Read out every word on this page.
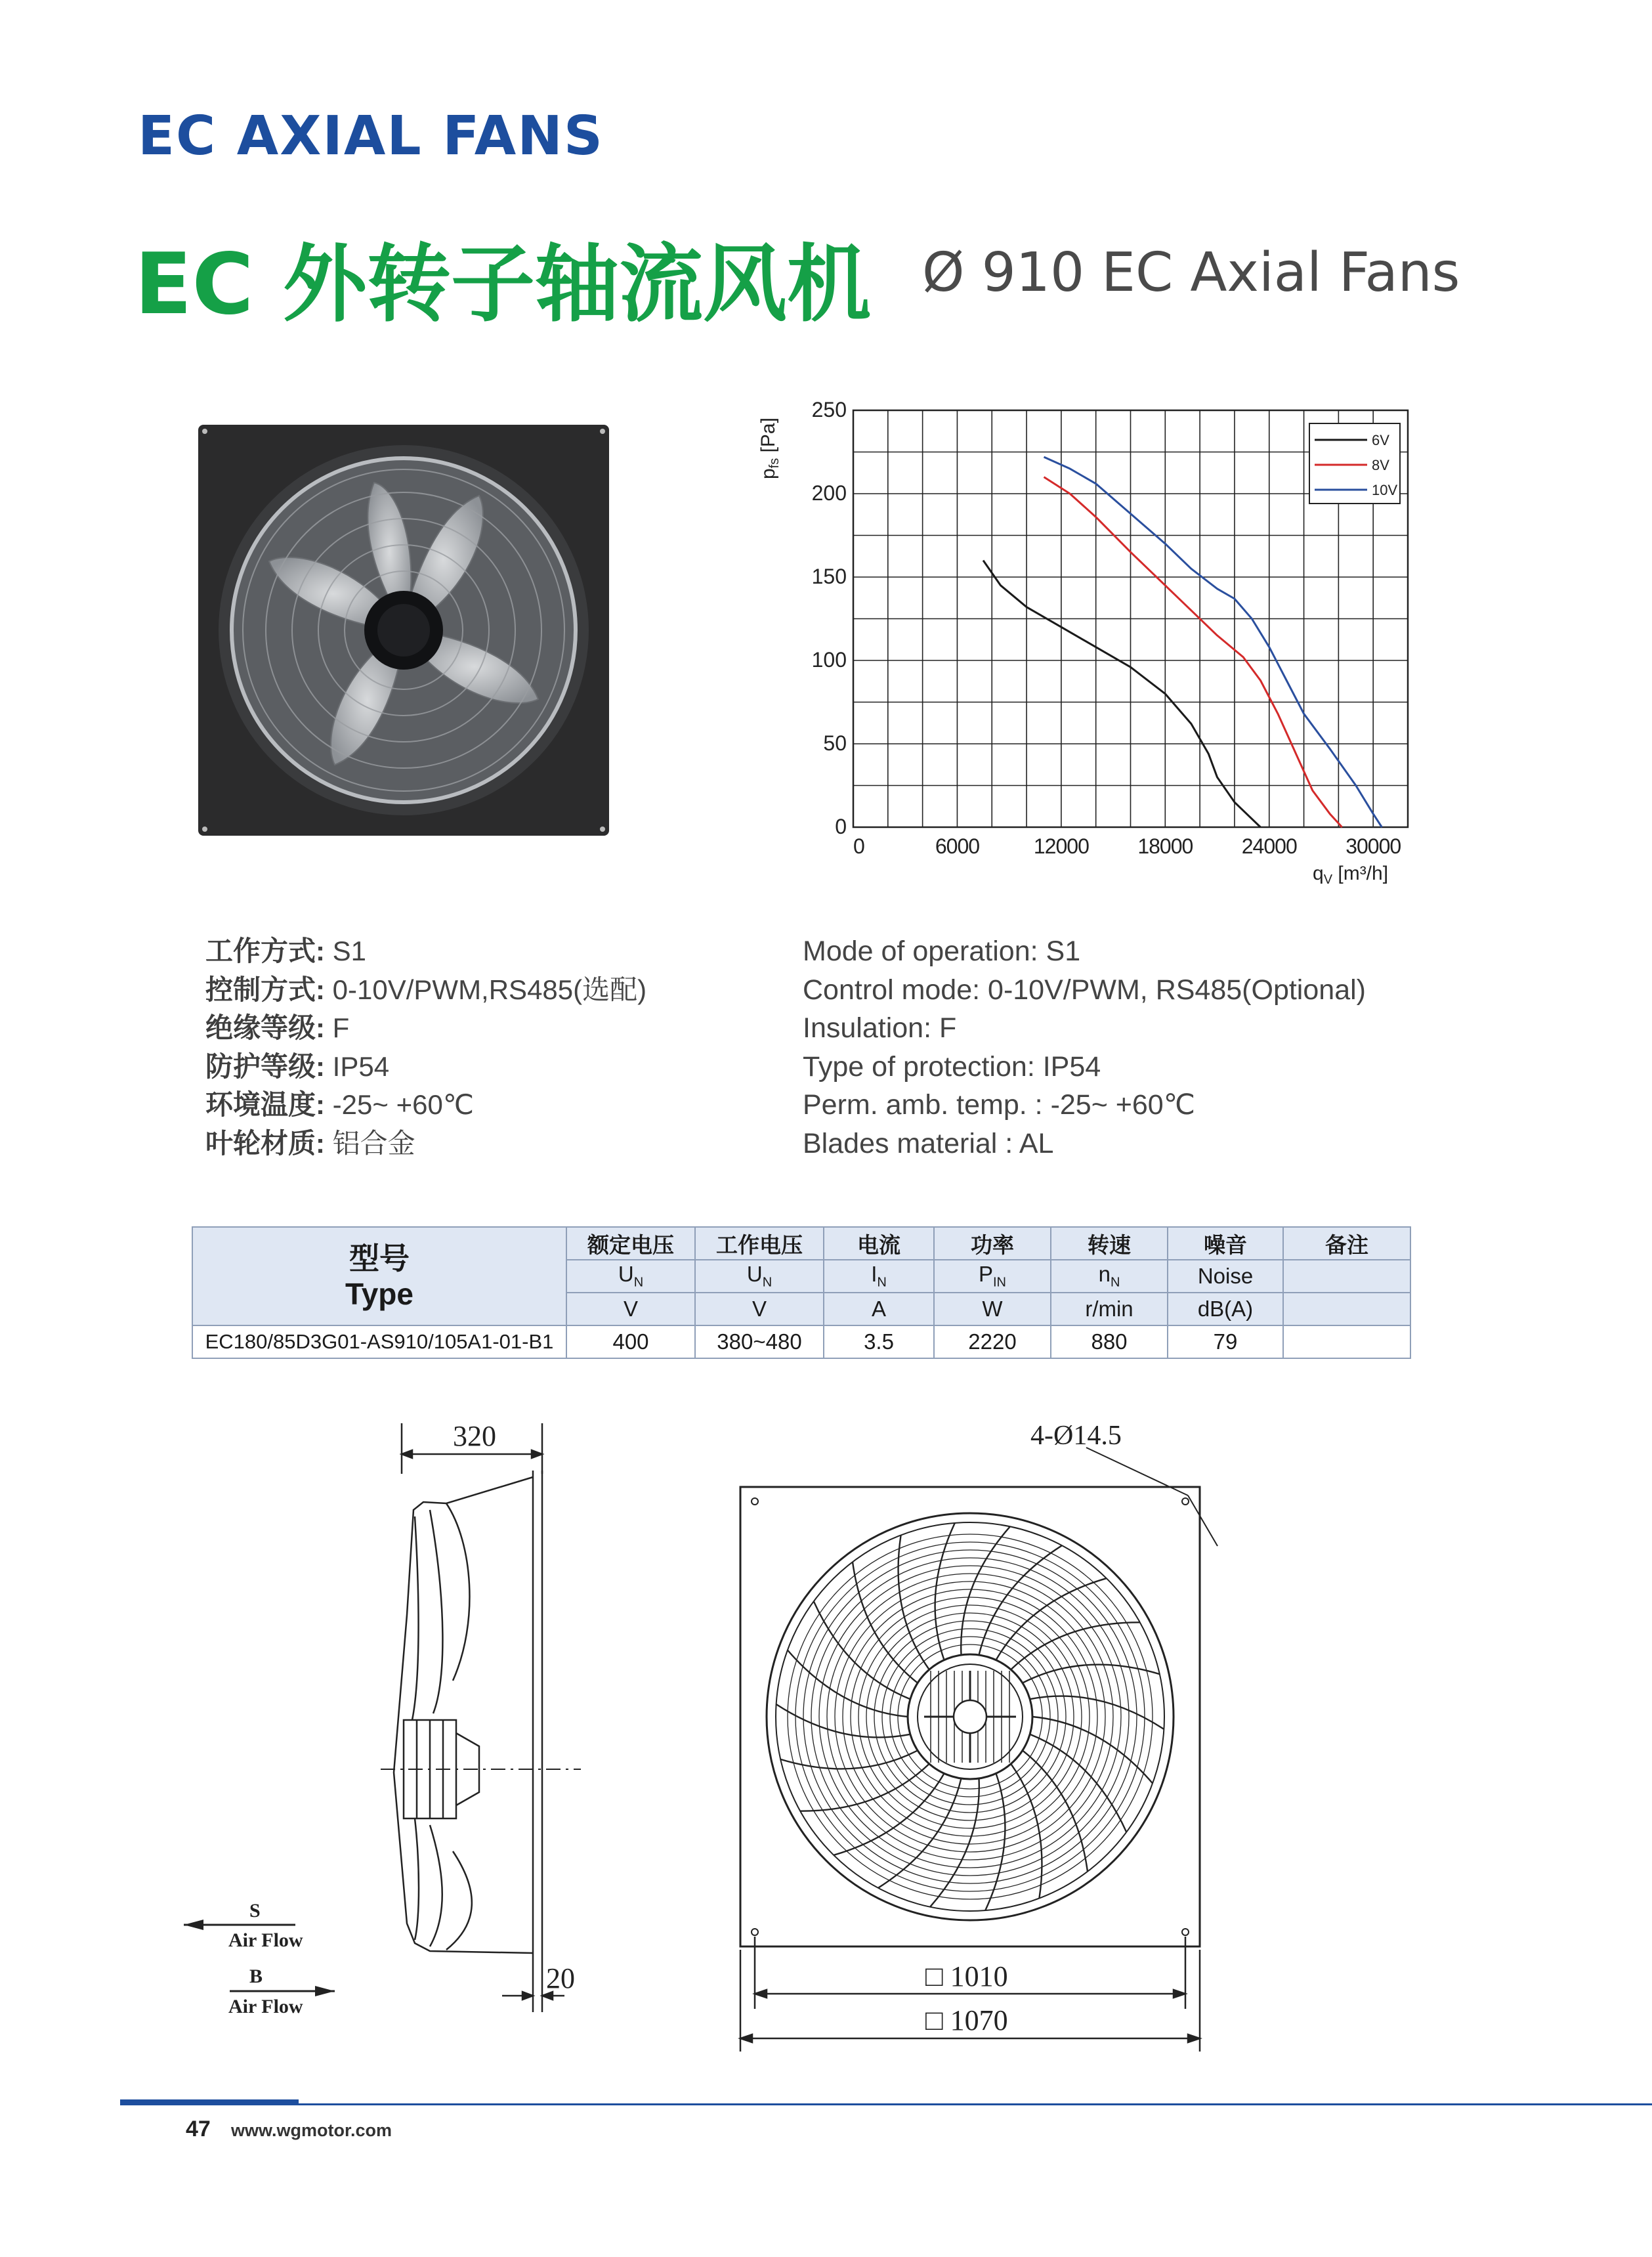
EC AXIAL FANS
EC 外转子轴流风机 Ø 910 EC Axial Fans
0
50
100
150
200
250
0	6000	12000 18000 24000 30000
6V
8V
10V
$p_{fs}$ [Pa]
$q_V$ [m³/h]
工作方式: S1
控制方式: 0-10V/PWM,RS485(选配)
绝缘等级: F
防护等级: IP54
环境温度: -25~ +60℃
叶轮材质: 铝合金
Mode of operation: S1
Control mode: 0-10V/PWM, RS485(Optional)
Insulation: F
Type of protection: IP54
Perm. amb. temp. : -25~ +60℃
Blades material : AL
型号
Type	额定电压	工作电压	电流	功率	转速	噪音	备注
	$U_N$	$U_N$	$I_N$	$P_{IN}$	$n_N$	Noise	
	V	V	A	W	r/min	dB(A)	
EC180/85D3G01-AS910/105A1-01-B1	400	380~480	3.5	2220	880	79	
320
20
S
Air Flow
B
Air Flow
4-Ø14.5
□ 1010
□ 1070
47 www.wgmotor.com
